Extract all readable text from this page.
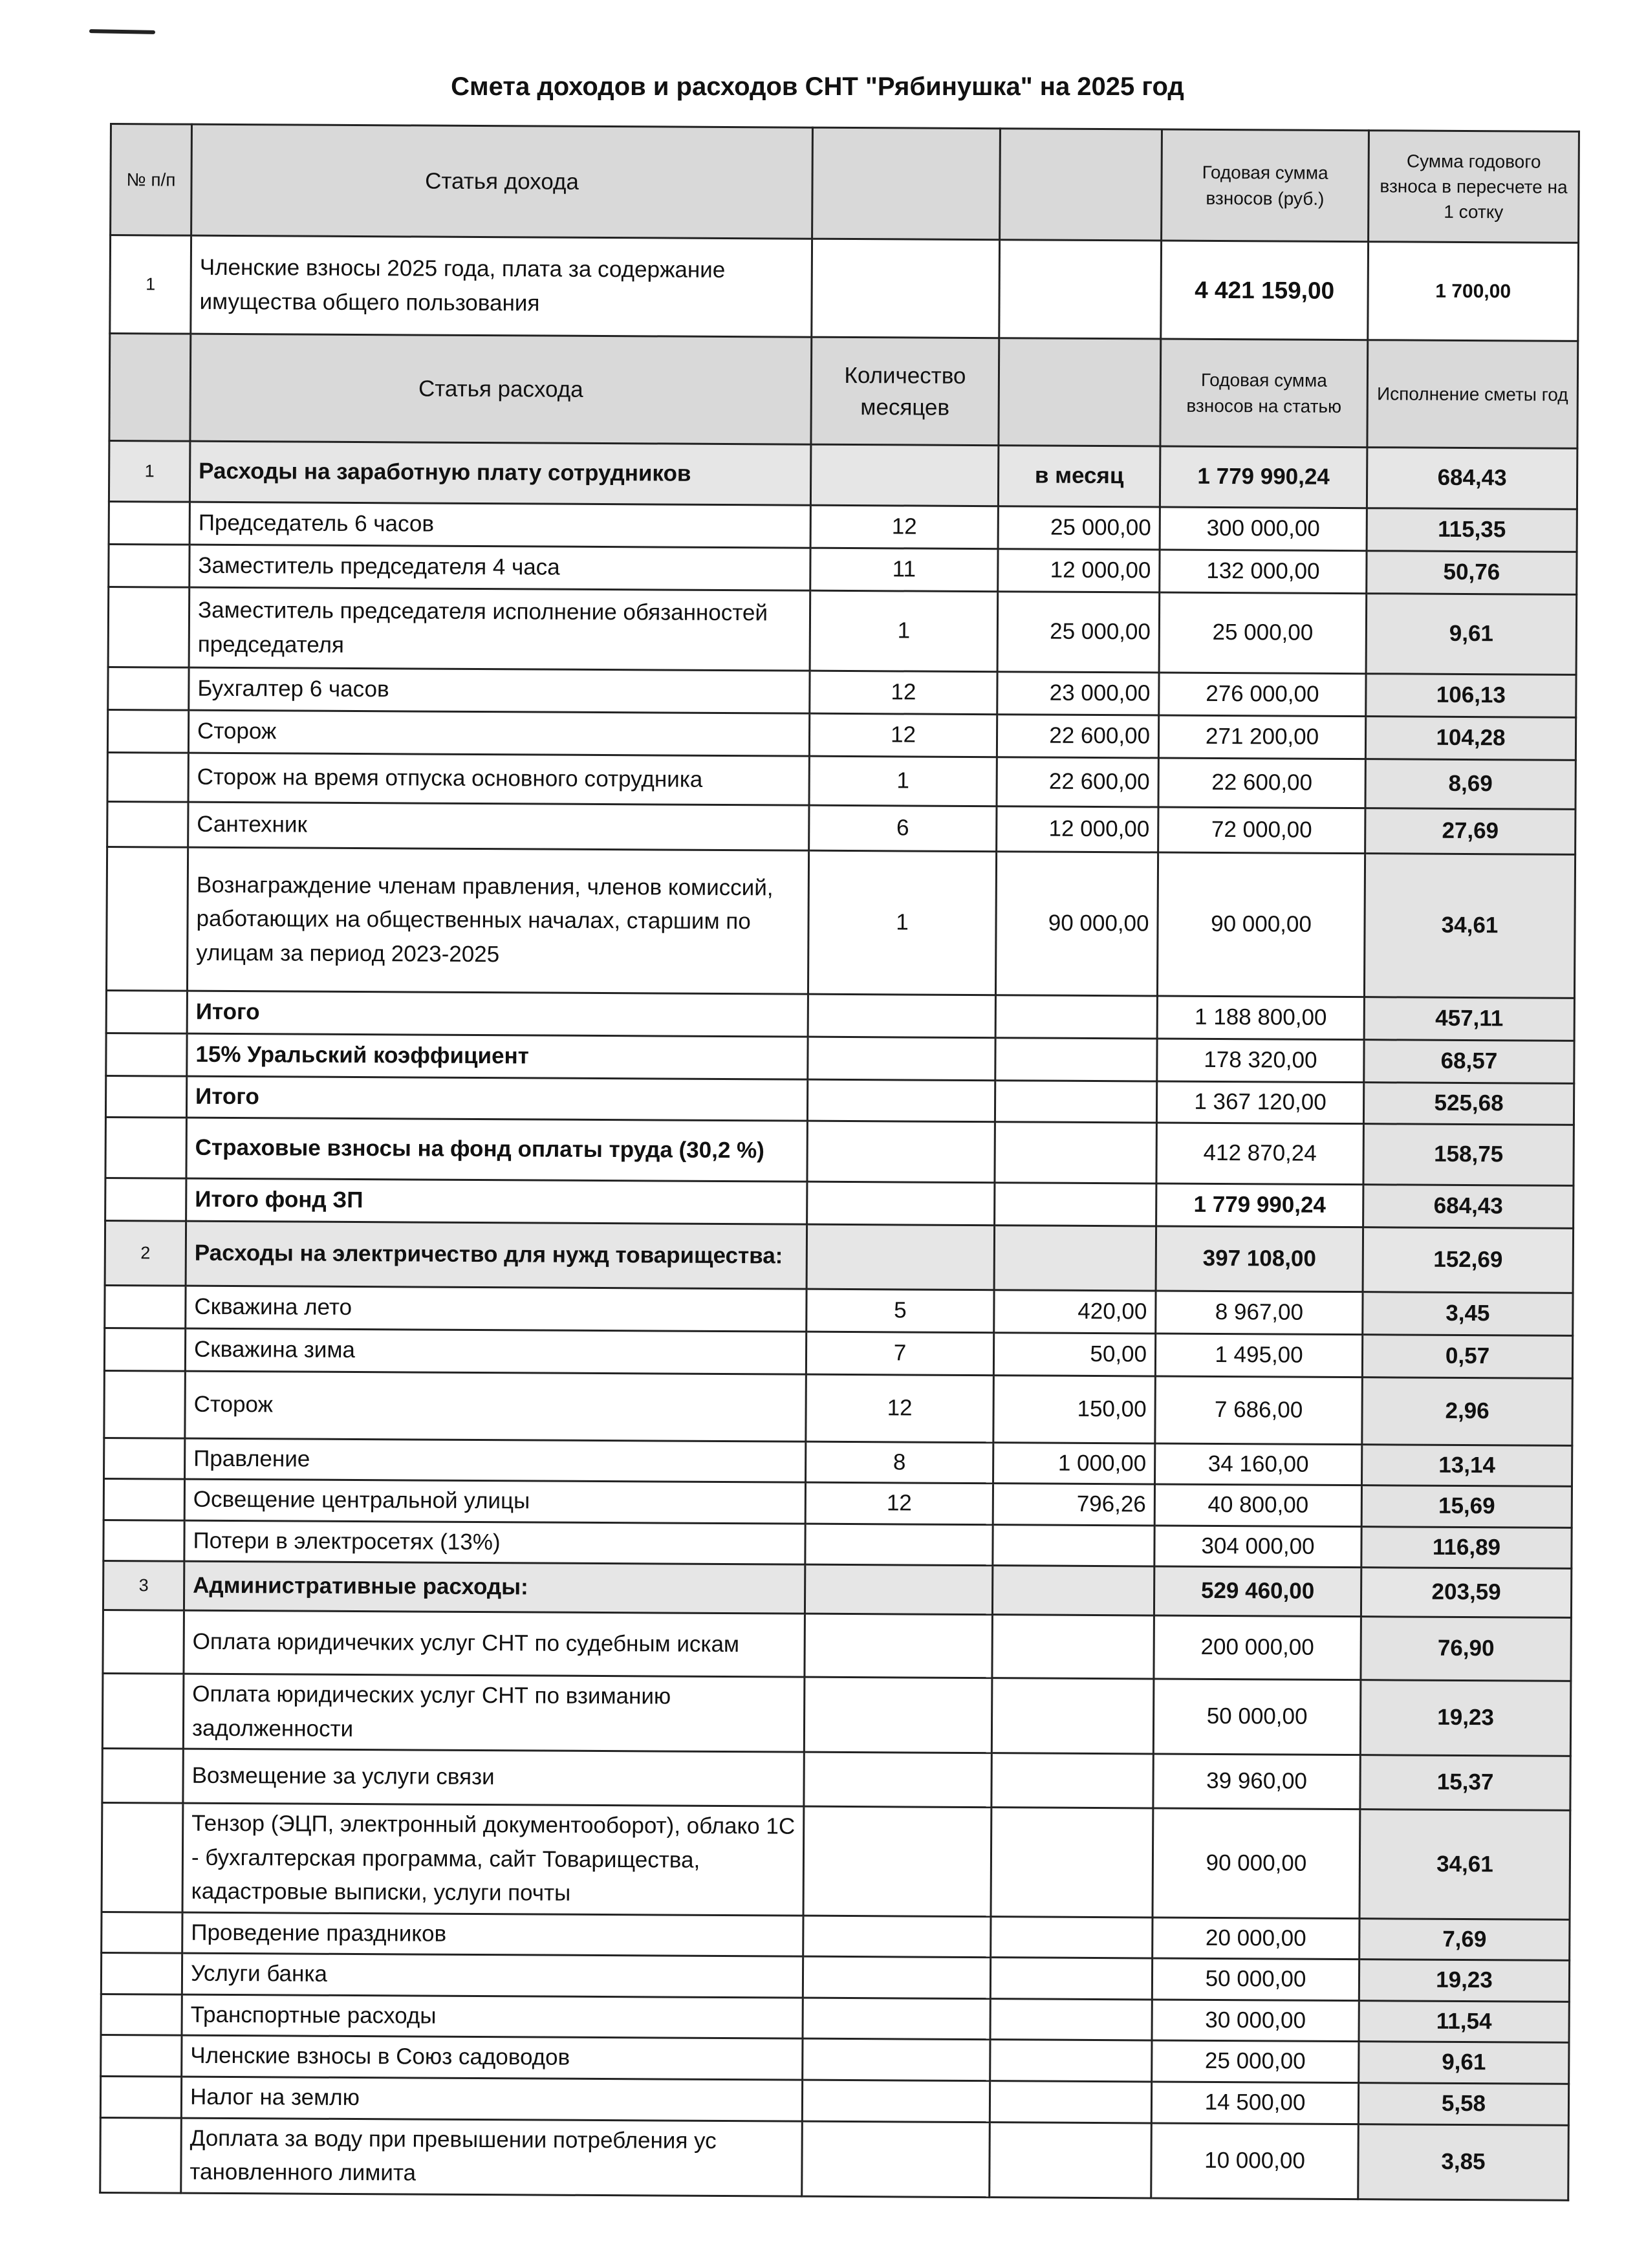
Смета доходов и расходов СНТ "Рябинушка" на 2025 год
№ п/п	Статья дохода			Годовая сумма взносов (руб.)	Сумма годового взноса в пересчете на 1 сотку
1	Членские взносы 2025 года, плата за содержание имущества общего пользования			4 421 159,00	1 700,00
	Статья расхода	Количество месяцев		Годовая сумма взносов на статью	Исполнение сметы год
1	Расходы на заработную плату сотрудников		в месяц	1 779 990,24	684,43
	Председатель 6 часов	12	25 000,00	300 000,00	115,35
	Заместитель председателя 4 часа	11	12 000,00	132 000,00	50,76
	Заместитель председателя исполнение обязанностей председателя	1	25 000,00	25 000,00	9,61
	Бухгалтер 6 часов	12	23 000,00	276 000,00	106,13
	Сторож	12	22 600,00	271 200,00	104,28
	Сторож на время отпуска основного сотрудника	1	22 600,00	22 600,00	8,69
	Сантехник	6	12 000,00	72 000,00	27,69
	Вознаграждение членам правления, членов комиссий, работающих на общественных началах, старшим по улицам за период 2023-2025	1	90 000,00	90 000,00	34,61
	Итого			1 188 800,00	457,11
	15% Уральский коэффициент			178 320,00	68,57
	Итого			1 367 120,00	525,68
	Страховые взносы на фонд оплаты труда (30,2 %)			412 870,24	158,75
	Итого фонд ЗП			1 779 990,24	684,43
2	Расходы на электричество для нужд товарищества:			397 108,00	152,69
	Скважина лето	5	420,00	8 967,00	3,45
	Скважина зима	7	50,00	1 495,00	0,57
	Сторож	12	150,00	7 686,00	2,96
	Правление	8	1 000,00	34 160,00	13,14
	Освещение центральной улицы	12	796,26	40 800,00	15,69
	Потери в электросетях (13%)			304 000,00	116,89
3	Административные расходы:			529 460,00	203,59
	Оплата юридичечких услуг СНТ по судебным искам			200 000,00	76,90
	Оплата юридических услуг СНТ по взиманию задолженности			50 000,00	19,23
	Возмещение за услуги связи			39 960,00	15,37
	Тензор (ЭЦП, электронный документооборот), облако 1С - бухгалтерская программа, сайт Товарищества, кадастровые выписки, услуги почты			90 000,00	34,61
	Проведение праздников			20 000,00	7,69
	Услуги банка			50 000,00	19,23
	Транспортные расходы			30 000,00	11,54
	Членские взносы в Союз садоводов			25 000,00	9,61
	Налог на землю			14 500,00	5,58
	Доплата за воду при превышении потребления ус тановленного лимита			10 000,00	3,85
